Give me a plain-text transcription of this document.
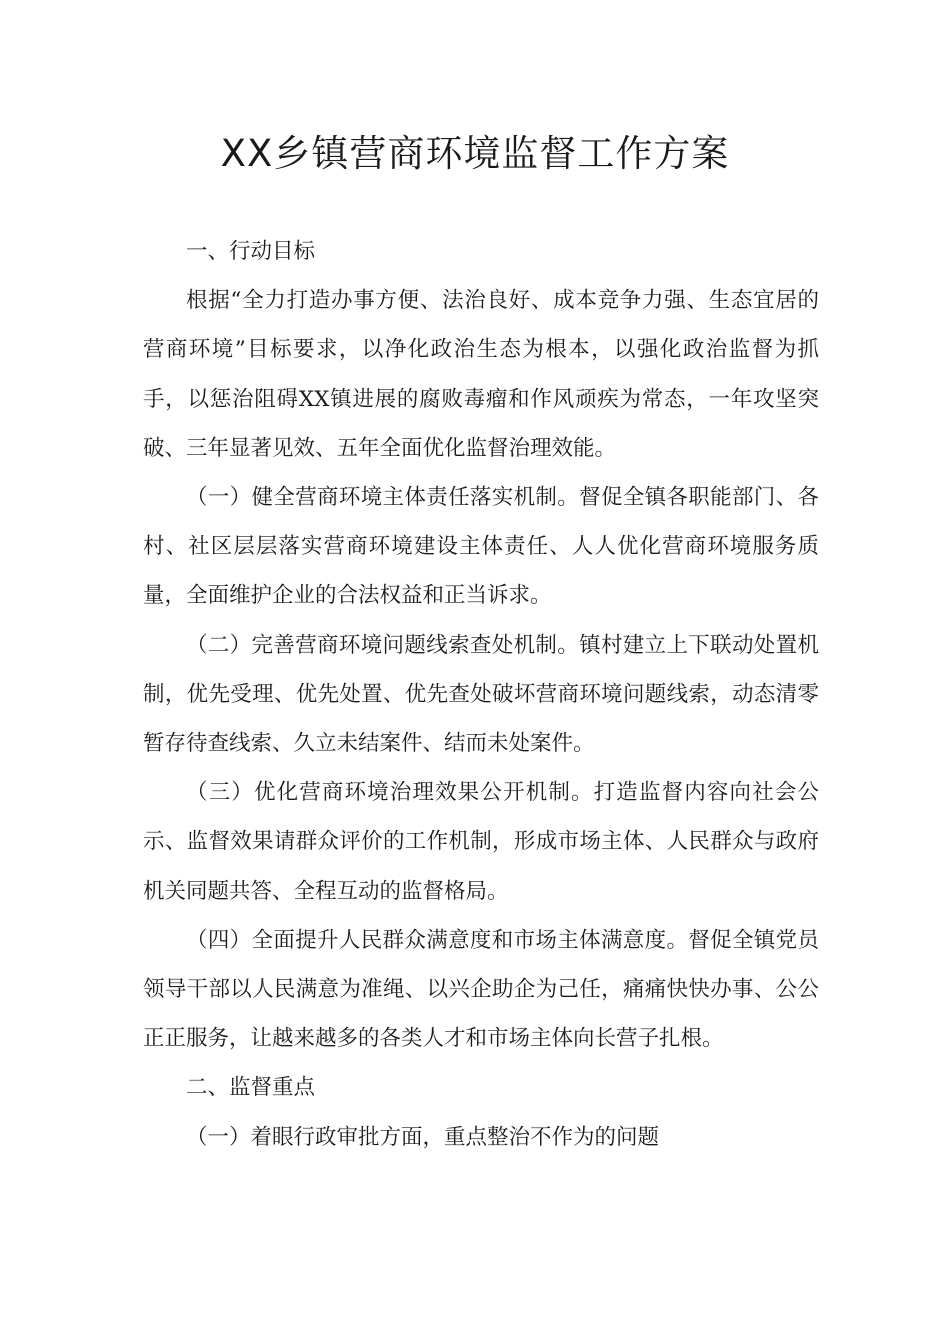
XX乡镇营商环境监督工作方案

一、行动目标

根据“全力打造办事方便、法治良好、成本竞争力强、生态宜居的营商环境”目标要求，以净化政治生态为根本，以强化政治监督为抓手，以惩治阻碍XX镇进展的腐败毒瘤和作风顽疾为常态，一年攻坚突破、三年显著见效、五年全面优化监督治理效能。

（一）健全营商环境主体责任落实机制。督促全镇各职能部门、各村、社区层层落实营商环境建设主体责任、人人优化营商环境服务质量，全面维护企业的合法权益和正当诉求。

（二）完善营商环境问题线索查处机制。镇村建立上下联动处置机制，优先受理、优先处置、优先查处破坏营商环境问题线索，动态清零暂存待查线索、久立未结案件、结而未处案件。

（三）优化营商环境治理效果公开机制。打造监督内容向社会公示、监督效果请群众评价的工作机制，形成市场主体、人民群众与政府机关同题共答、全程互动的监督格局。

（四）全面提升人民群众满意度和市场主体满意度。督促全镇党员领导干部以人民满意为准绳、以兴企助企为己任，痛痛快快办事、公公正正服务，让越来越多的各类人才和市场主体向长营子扎根。

二、监督重点

（一）着眼行政审批方面，重点整治不作为的问题
